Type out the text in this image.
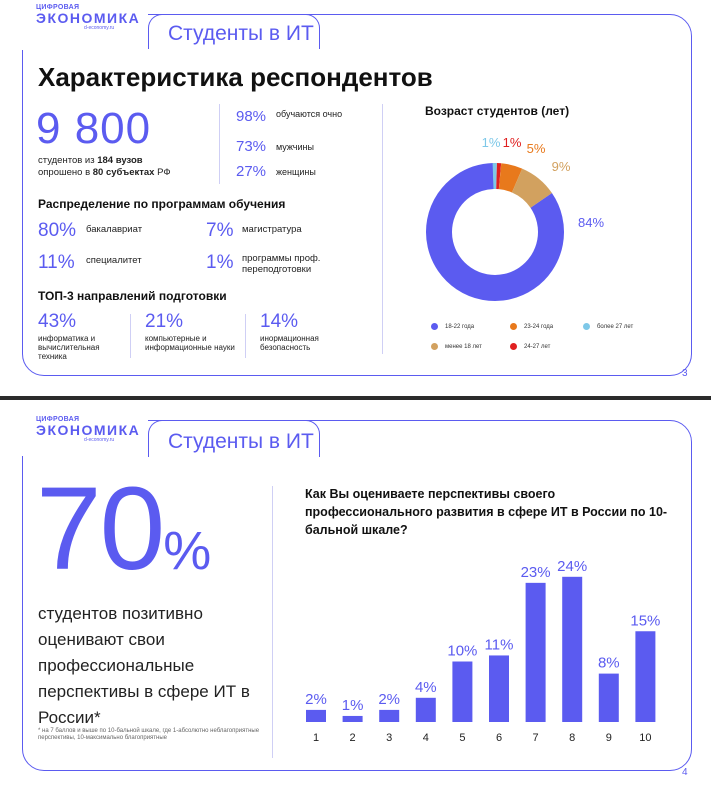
ЦИФРОВАЯ
ЭКОНОМИКА
d-economy.ru	Студенты в ИТ
Характеристика респондентов
9 800
студентов из 184 вузов
опрошено в 80 субъектах РФ
98% обучаются очно
73% мужчины
27% женщины
Распределение по программам обучения
80% бакалавриат	7% магистратура
11% специалитет	1% программы проф. переподготовки
ТОП-3 направлений подготовки
43%
информатика и вычислительная техника
21%
компьютерные и информационные науки
14%
инормационная безопасность
Возраст студентов (лет)
84%
1% 1% 5%
9%
18-22 года	23-24 года	более 27 лет
менее 18 лет	24-27 лет
3
ЦИФРОВАЯ
ЭКОНОМИКА
d-economy.ru	Студенты в ИТ
4
70%
студентов позитивно оценивают свои профессиональные перспективы в сфере ИТ в России*
* на 7 баллов и выше по 10-бальной шкале, где 1-абсолютно неблагоприятные перспективы, 10-максимально благоприятные
Как Вы оцениваете перспективы своего профессионального развития в сфере ИТ в России по 10-бальной шкале?
2%
1
1%
2
2%
3
4%
4
10%
5
11%
6
23%
7
24%
8
8%
9
15%
10
